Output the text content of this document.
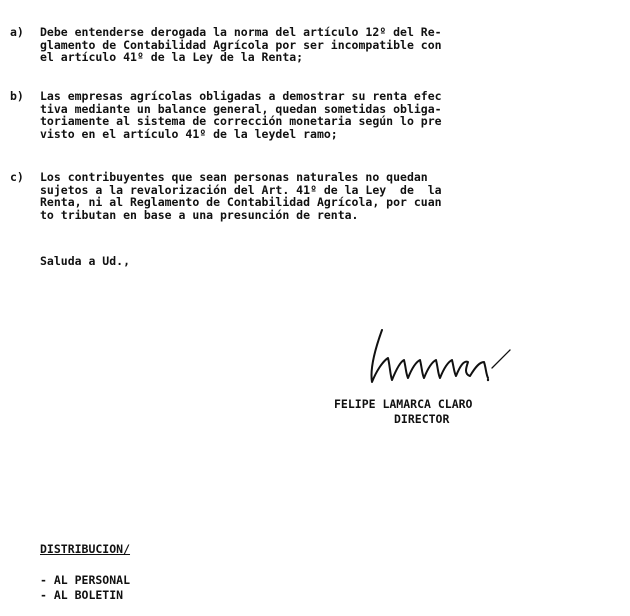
a) Debe entenderse derogada la norma del artículo 12º del Re-
glamento de Contabilidad Agrícola por ser incompatible con
el artículo 41º de la Ley de la Renta;
b) Las empresas agrícolas obligadas a demostrar su renta efec
tiva mediante un balance general, quedan sometidas obliga-
toriamente al sistema de corrección monetaria según lo pre
visto en el artículo 41º de la leydel ramo;
c) Los contribuyentes que sean personas naturales no quedan
sujetos a la revalorización del Art. 41º de la Ley  de  la
Renta, ni al Reglamento de Contabilidad Agrícola, por cuan
to tributan en base a una presunción de renta.
Saluda a Ud.,
FELIPE LAMARCA CLARO
DIRECTOR
DISTRIBUCION/
- AL PERSONAL
- AL BOLETIN
